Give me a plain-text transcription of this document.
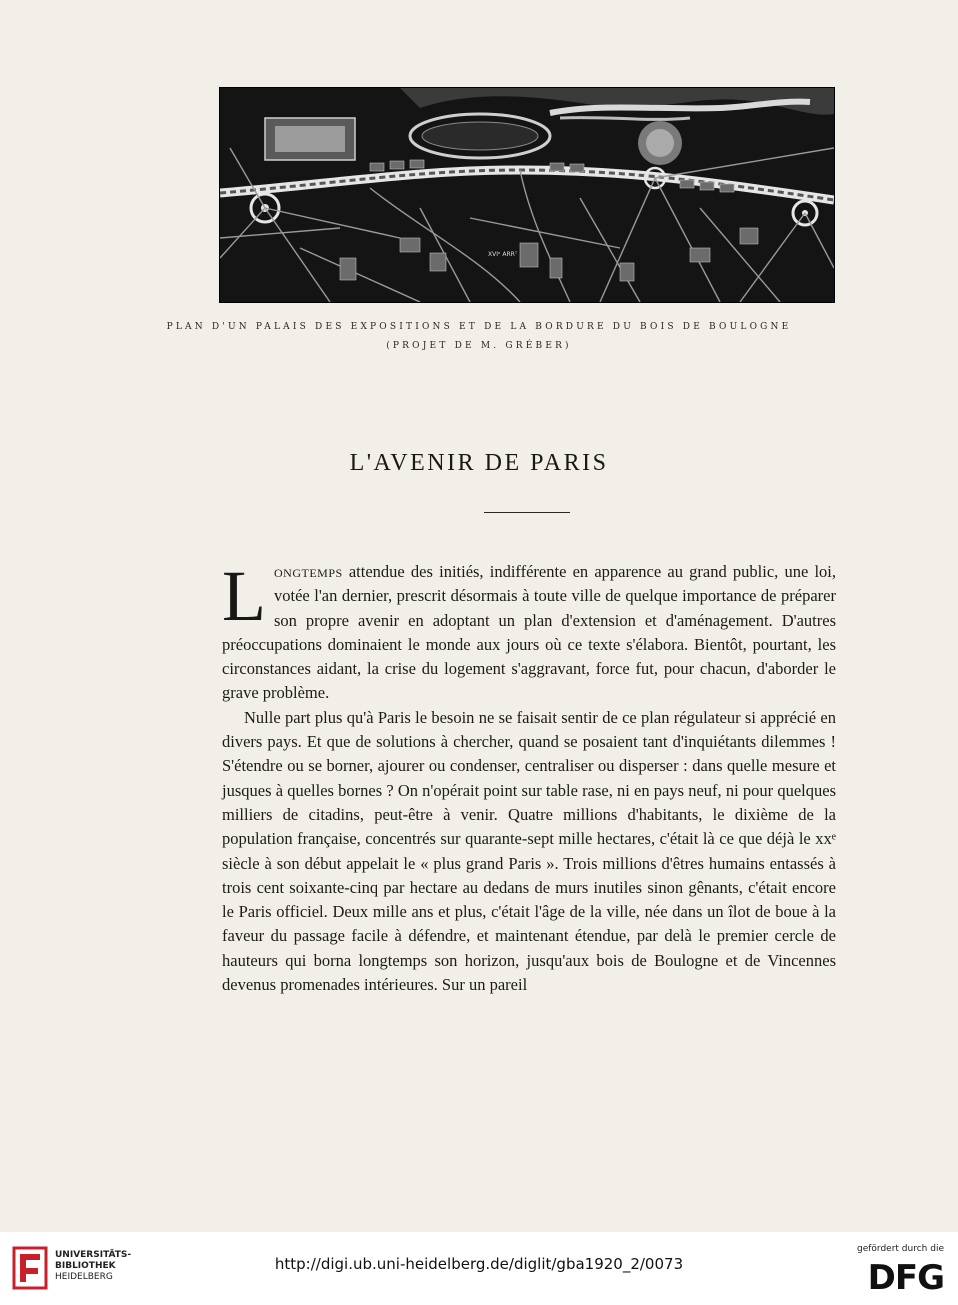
XVIᵉ ARRᵀ
PLAN D'UN PALAIS DES EXPOSITIONS ET DE LA BORDURE DU BOIS DE BOULOGNE
(PROJET DE M. GRÉBER)
L'AVENIR DE PARIS

Longtemps attendue des initiés, indifférente en apparence au grand public, une loi, votée l'an dernier, prescrit désormais à toute ville de quelque importance de préparer son propre avenir en adoptant un plan d'extension et d'aménagement. D'autres préoccupations dominaient le monde aux jours où ce texte s'élabora. Bientôt, pourtant, les circonstances aidant, la crise du logement s'aggravant, force fut, pour chacun, d'aborder le grave problème.

Nulle part plus qu'à Paris le besoin ne se faisait sentir de ce plan régulateur si apprécié en divers pays. Et que de solutions à chercher, quand se posaient tant d'inquiétants dilemmes ! S'étendre ou se borner, ajourer ou condenser, centraliser ou disperser : dans quelle mesure et jusques à quelles bornes ? On n'opérait point sur table rase, ni en pays neuf, ni pour quelques milliers de citadins, peut-être à venir. Quatre millions d'habitants, le dixième de la population française, concentrés sur quarante-sept mille hectares, c'était là ce que déjà le xxᵉ siècle à son début appelait le « plus grand Paris ». Trois millions d'êtres humains entassés à trois cent soixante-cinq par hectare au dedans de murs inutiles sinon gênants, c'était encore le Paris officiel. Deux mille ans et plus, c'était l'âge de la ville, née dans un îlot de boue à la faveur du passage facile à défendre, et maintenant étendue, par delà le premier cercle de hauteurs qui borna longtemps son horizon, jusqu'aux bois de Boulogne et de Vincennes devenus promenades intérieures. Sur un pareil

UNIVERSITÄTS-
BIBLIOTHEK
HEIDELBERG
http://digi.ub.uni-heidelberg.de/diglit/gba1920_2/0073
gefördert durch die
DFG
